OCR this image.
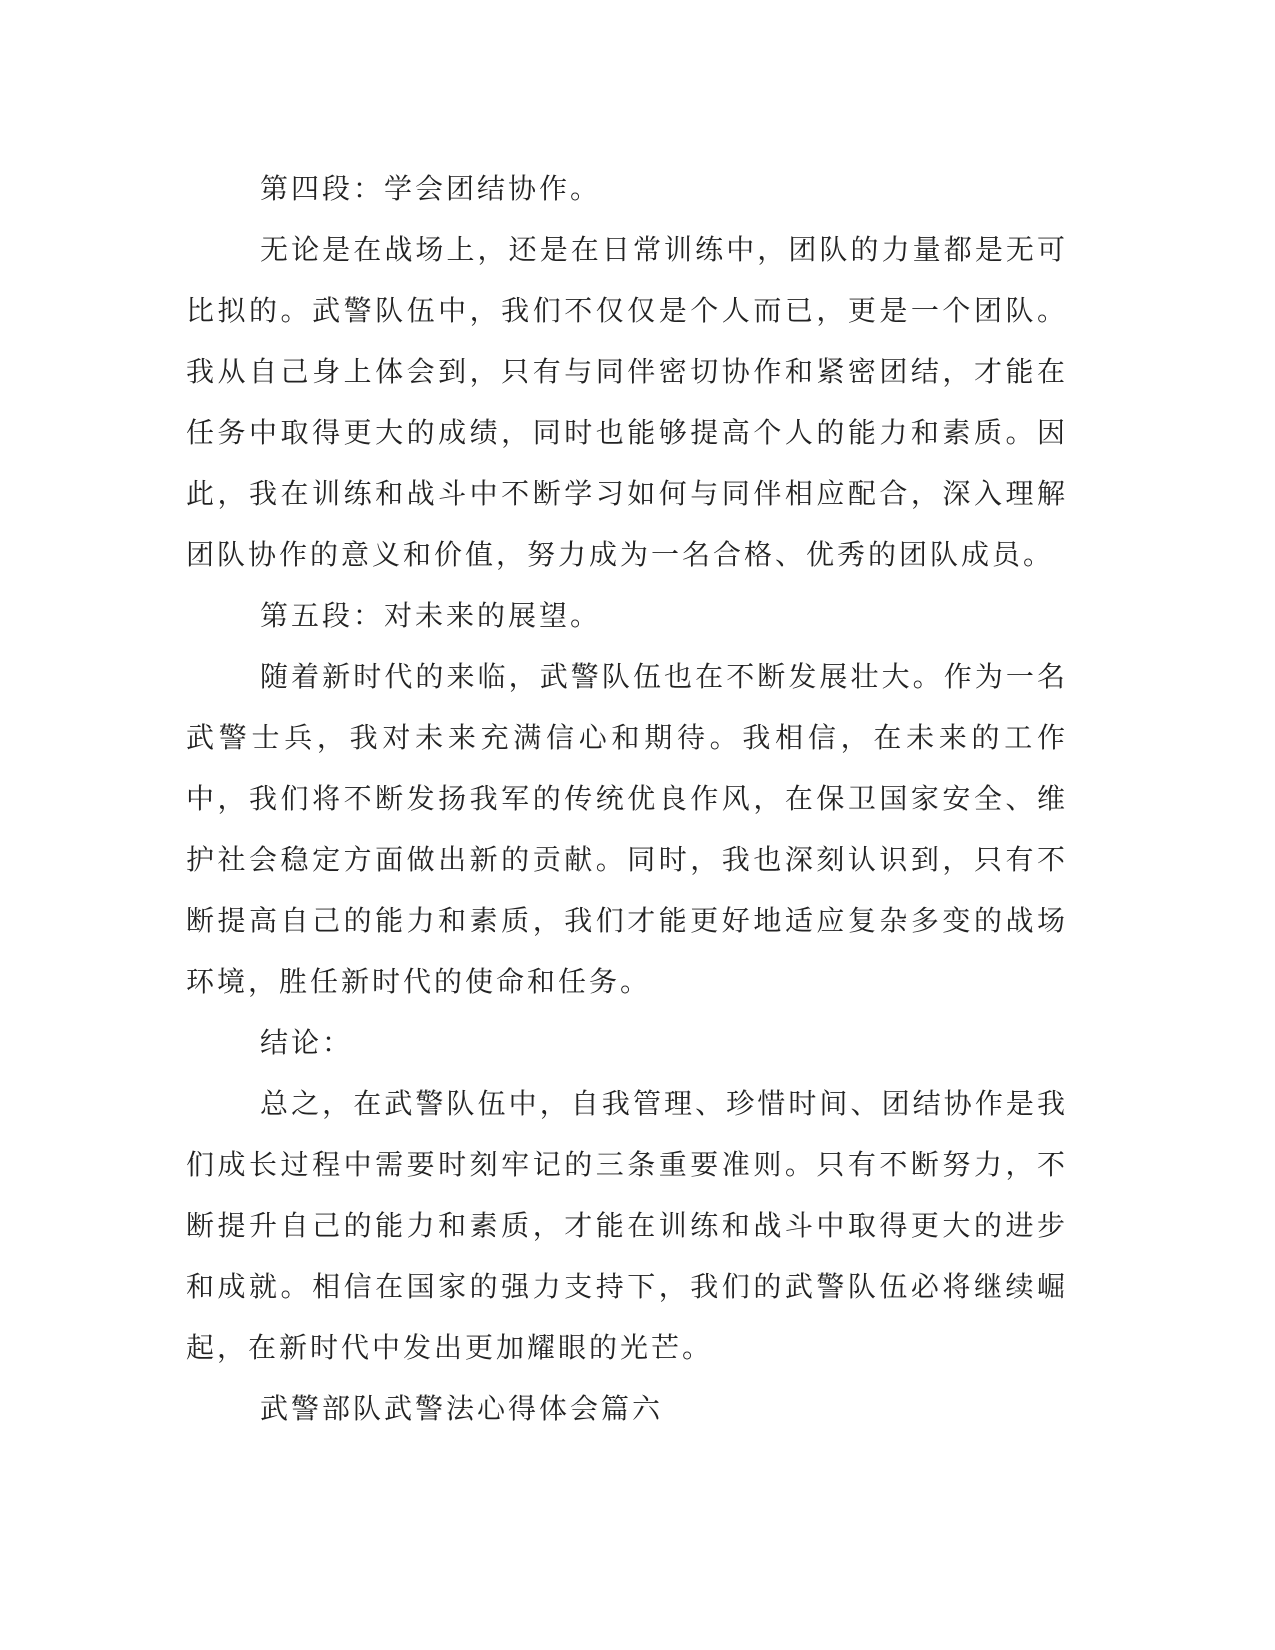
第四段：学会团结协作。

无论是在战场上，还是在日常训练中，团队的力量都是无可比拟的。武警队伍中，我们不仅仅是个人而已，更是一个团队。我从自己身上体会到，只有与同伴密切协作和紧密团结，才能在任务中取得更大的成绩，同时也能够提高个人的能力和素质。因此，我在训练和战斗中不断学习如何与同伴相应配合，深入理解团队协作的意义和价值，努力成为一名合格、优秀的团队成员。

第五段：对未来的展望。

随着新时代的来临，武警队伍也在不断发展壮大。作为一名武警士兵，我对未来充满信心和期待。我相信，在未来的工作中，我们将不断发扬我军的传统优良作风，在保卫国家安全、维护社会稳定方面做出新的贡献。同时，我也深刻认识到，只有不断提高自己的能力和素质，我们才能更好地适应复杂多变的战场环境，胜任新时代的使命和任务。

结论：

总之，在武警队伍中，自我管理、珍惜时间、团结协作是我们成长过程中需要时刻牢记的三条重要准则。只有不断努力，不断提升自己的能力和素质，才能在训练和战斗中取得更大的进步和成就。相信在国家的强力支持下，我们的武警队伍必将继续崛起，在新时代中发出更加耀眼的光芒。

武警部队武警法心得体会篇六
